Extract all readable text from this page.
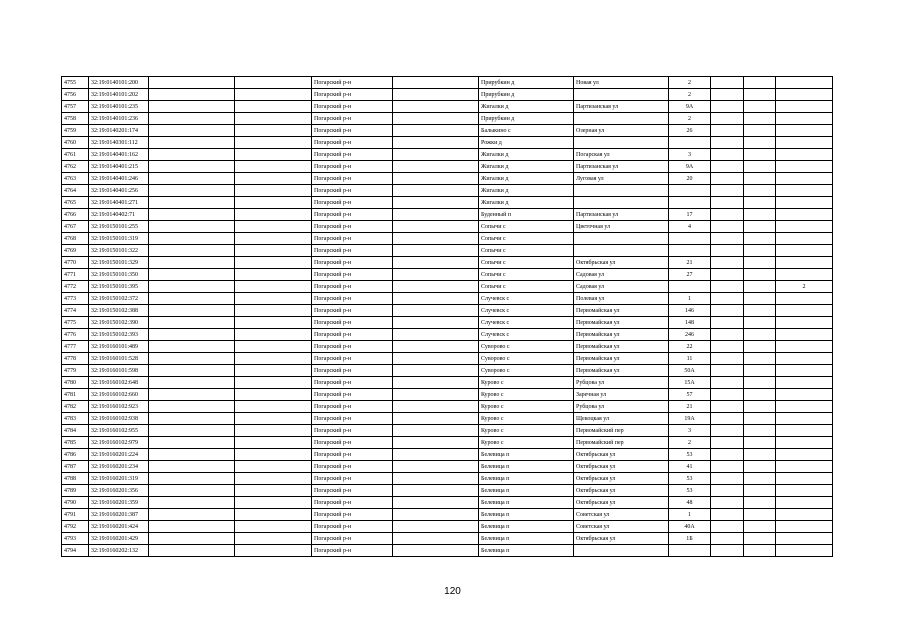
4755	32:19:0140101:200			Погарский р-н		Прирубкин д	Новая ул	2			
4756	32:19:0140101:202			Погарский р-н		Прирубкин д		2			
4757	32:19:0140101:235			Погарский р-н		Жигалки д	Партизанская ул	9А			
4758	32:19:0140101:236			Погарский р-н		Прирубкин д		2			
4759	32:19:0140201:174			Погарский р-н		Балыкино с	Озерная ул	26			
4760	32:19:0140301:112			Погарский р-н		Рожки д					
4761	32:19:0140401:162			Погарский р-н		Жигалки д	Погарская ул	3			
4762	32:19:0140401:215			Погарский р-н		Жигалки д	Партизанская ул	9А			
4763	32:19:0140401:246			Погарский р-н		Жигалки д	Луговая ул	20			
4764	32:19:0140401:256			Погарский р-н		Жигалки д					
4765	32:19:0140401:271			Погарский р-н		Жигалки д					
4766	32:19:0140402:71			Погарский р-н		Буденный п	Партизанская ул	17			
4767	32:19:0150101:255			Погарский р-н		Сопычи с	Цветочная ул	4			
4768	32:19:0150101:319			Погарский р-н		Сопычи с					
4769	32:19:0150101:322			Погарский р-н		Сопычи с					
4770	32:19:0150101:329			Погарский р-н		Сопычи с	Октябрьская ул	21			
4771	32:19:0150101:350			Погарский р-н		Сопычи с	Садовая ул	27			
4772	32:19:0150101:395			Погарский р-н		Сопычи с	Садовая ул				2
4773	32:19:0150102:372			Погарский р-н		Случевск с	Полевая ул	1			
4774	32:19:0150102:388			Погарский р-н		Случевск с	Первомайская ул	146			
4775	32:19:0150102:390			Погарский р-н		Случевск с	Первомайская ул	148			
4776	32:19:0150102:393			Погарский р-н		Случевск с	Первомайская ул	246			
4777	32:19:0160101:489			Погарский р-н		Суворово с	Первомайская ул	22			
4778	32:19:0160101:528			Погарский р-н		Суворово с	Первомайская ул	11			
4779	32:19:0160101:598			Погарский р-н		Суворово с	Первомайская ул	50А			
4780	32:19:0160102:648			Погарский р-н		Курово с	Рубцова ул	15А			
4781	32:19:0160102:660			Погарский р-н		Курово с	Заречная ул	57			
4782	32:19:0160102:923			Погарский р-н		Курово с	Рубцова ул	21			
4783	32:19:0160102:938			Погарский р-н		Курово с	Щекоцкая ул	19А			
4784	32:19:0160102:955			Погарский р-н		Курово с	Первомайский пер	3			
4785	32:19:0160102:979			Погарский р-н		Курово с	Первомайский пер	2			
4786	32:19:0160201:224			Погарский р-н		Белевица п	Октябрьская ул	53			
4787	32:19:0160201:234			Погарский р-н		Белевица п	Октябрьская ул	41			
4788	32:19:0160201:319			Погарский р-н		Белевица п	Октябрьская ул	53			
4789	32:19:0160201:356			Погарский р-н		Белевица п	Октябрьская ул	53			
4790	32:19:0160201:359			Погарский р-н		Белевица п	Октябрьская ул	48			
4791	32:19:0160201:387			Погарский р-н		Белевица п	Советская ул	1			
4792	32:19:0160201:424			Погарский р-н		Белевица п	Советская ул	40А			
4793	32:19:0160201:429			Погарский р-н		Белевица п	Октябрьская ул	1Б			
4794	32:19:0160202:132			Погарский р-н		Белевица п					
120
